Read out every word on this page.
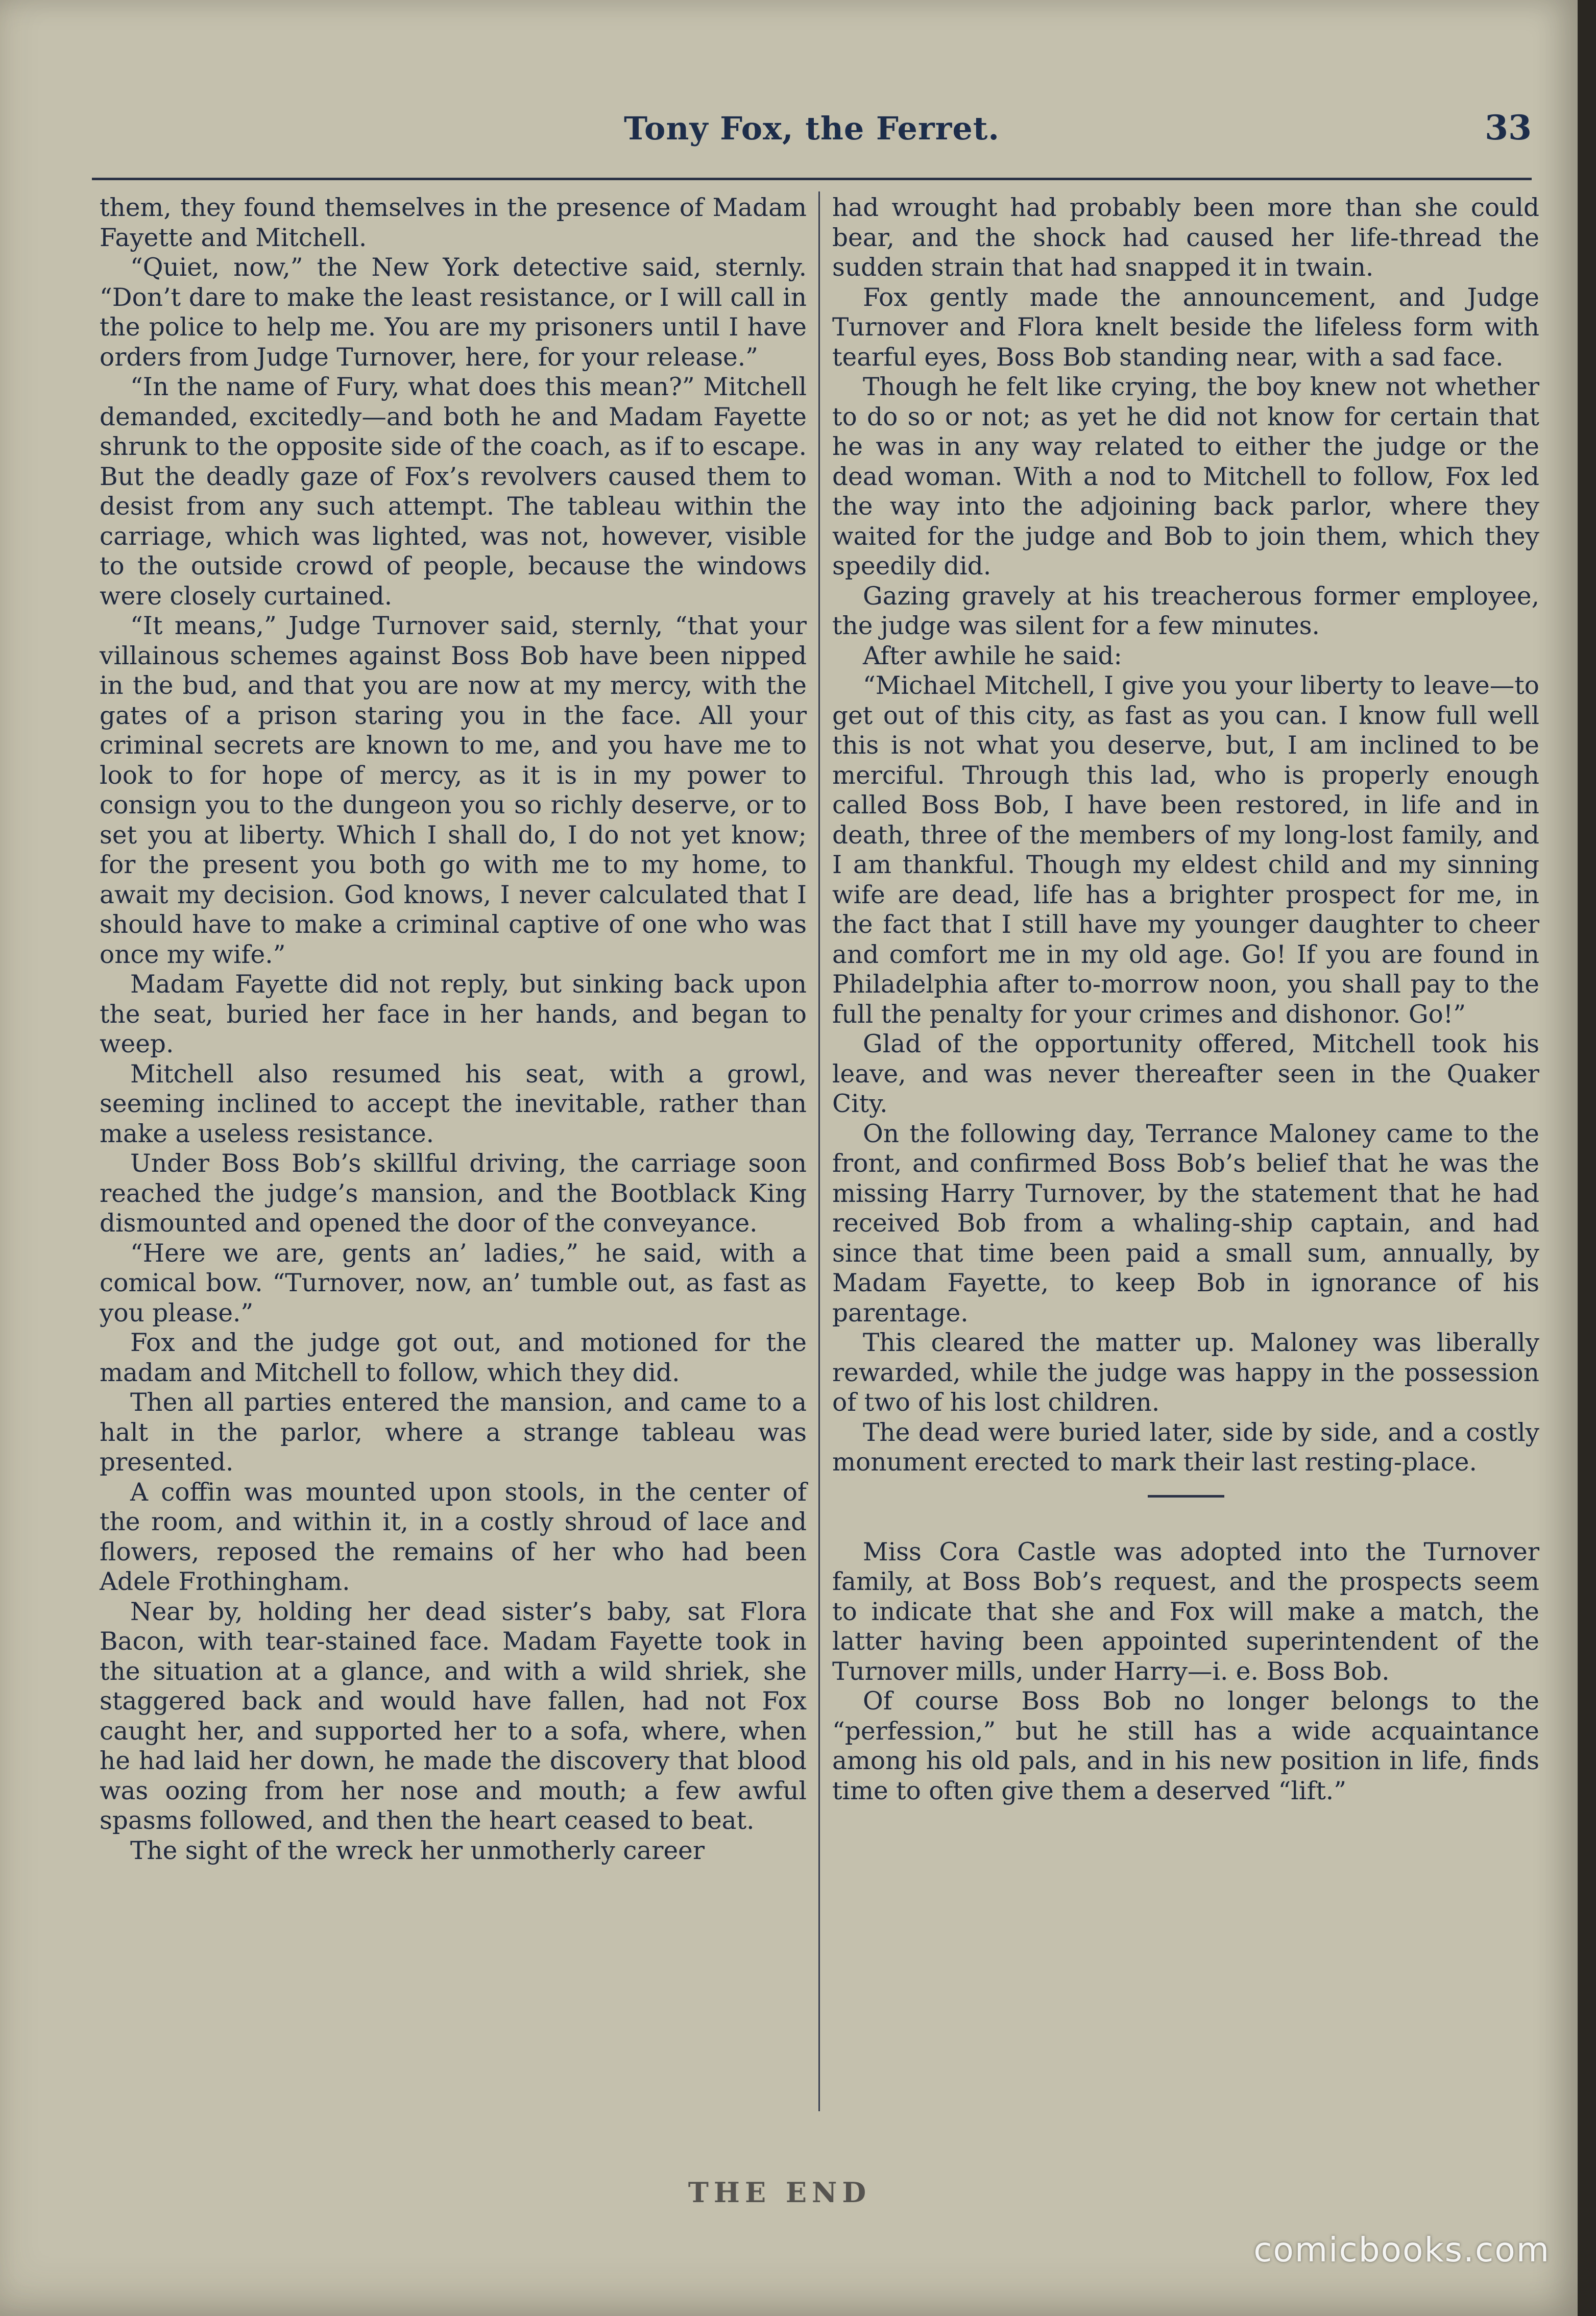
Tony Fox, the Ferret.	33

them, they found themselves in the presence of Madam Fayette and Mitchell.

“Quiet, now,” the New York detective said, sternly. “Don’t dare to make the least resistance, or I will call in the police to help me. You are my prisoners until I have orders from Judge Turnover, here, for your release.”

“In the name of Fury, what does this mean?” Mitchell demanded, excitedly—and both he and Madam Fayette shrunk to the opposite side of the coach, as if to escape. But the deadly gaze of Fox’s revolvers caused them to desist from any such attempt. The tableau within the carriage, which was lighted, was not, however, visible to the outside crowd of people, because the windows were closely curtained.

“It means,” Judge Turnover said, sternly, “that your villainous schemes against Boss Bob have been nipped in the bud, and that you are now at my mercy, with the gates of a prison staring you in the face. All your criminal secrets are known to me, and you have me to look to for hope of mercy, as it is in my power to consign you to the dungeon you so richly deserve, or to set you at liberty. Which I shall do, I do not yet know; for the present you both go with me to my home, to await my decision. God knows, I never calculated that I should have to make a criminal captive of one who was once my wife.”

Madam Fayette did not reply, but sinking back upon the seat, buried her face in her hands, and began to weep.

Mitchell also resumed his seat, with a growl, seeming inclined to accept the inevitable, rather than make a useless resistance.

Under Boss Bob’s skillful driving, the carriage soon reached the judge’s mansion, and the Bootblack King dismounted and opened the door of the conveyance.

“Here we are, gents an’ ladies,” he said, with a comical bow. “Turnover, now, an’ tumble out, as fast as you please.”

Fox and the judge got out, and motioned for the madam and Mitchell to follow, which they did.

Then all parties entered the mansion, and came to a halt in the parlor, where a strange tableau was presented.

A coffin was mounted upon stools, in the center of the room, and within it, in a costly shroud of lace and flowers, reposed the remains of her who had been Adele Frothingham.

Near by, holding her dead sister’s baby, sat Flora Bacon, with tear-stained face. Madam Fayette took in the situation at a glance, and with a wild shriek, she staggered back and would have fallen, had not Fox caught her, and supported her to a sofa, where, when he had laid her down, he made the discovery that blood was oozing from her nose and mouth; a few awful spasms followed, and then the heart ceased to beat.

The sight of the wreck her unmotherly career

had wrought had probably been more than she could bear, and the shock had caused her life-thread the sudden strain that had snapped it in twain.

Fox gently made the announcement, and Judge Turnover and Flora knelt beside the lifeless form with tearful eyes, Boss Bob standing near, with a sad face.

Though he felt like crying, the boy knew not whether to do so or not; as yet he did not know for certain that he was in any way related to either the judge or the dead woman. With a nod to Mitchell to follow, Fox led the way into the adjoining back parlor, where they waited for the judge and Bob to join them, which they speedily did.

Gazing gravely at his treacherous former employee, the judge was silent for a few minutes.

After awhile he said:

“Michael Mitchell, I give you your liberty to leave—to get out of this city, as fast as you can. I know full well this is not what you deserve, but, I am inclined to be merciful. Through this lad, who is properly enough called Boss Bob, I have been restored, in life and in death, three of the members of my long-lost family, and I am thankful. Though my eldest child and my sinning wife are dead, life has a brighter prospect for me, in the fact that I still have my younger daughter to cheer and comfort me in my old age. Go! If you are found in Philadelphia after to-morrow noon, you shall pay to the full the penalty for your crimes and dishonor. Go!”

Glad of the opportunity offered, Mitchell took his leave, and was never thereafter seen in the Quaker City.

On the following day, Terrance Maloney came to the front, and confirmed Boss Bob’s belief that he was the missing Harry Turnover, by the statement that he had received Bob from a whaling-ship captain, and had since that time been paid a small sum, annually, by Madam Fayette, to keep Bob in ignorance of his parentage.

This cleared the matter up. Maloney was liberally rewarded, while the judge was happy in the possession of two of his lost children.

The dead were buried later, side by side, and a costly monument erected to mark their last resting-place.

Miss Cora Castle was adopted into the Turnover family, at Boss Bob’s request, and the prospects seem to indicate that she and Fox will make a match, the latter having been appointed superintendent of the Turnover mills, under Harry—i. e. Boss Bob.

Of course Boss Bob no longer belongs to the “perfession,” but he still has a wide acquaintance among his old pals, and in his new position in life, finds time to often give them a deserved “lift.”

THE END
comicbooks.com
